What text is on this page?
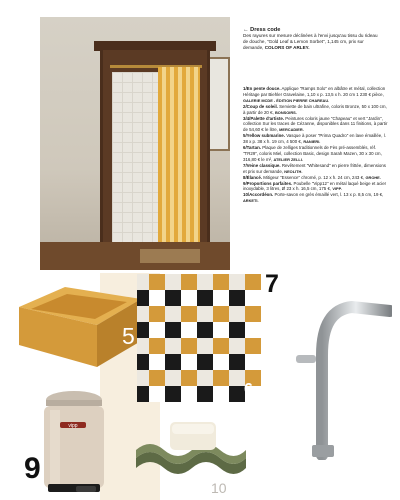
← Dress code
Des rayures sur mesure déclinées à l'envi jusqu'au tissu du rideau de douche, "Gold Leaf & Lemon Sorbet", 1,145 cm, prix sur demande, COLORS OF ARLEY.

1/En pente douce. Applique "Ramps Solo" en albâtre et métal, collection Héritage par Biehler Gravelaine, 1,10 x p. 13,5 x h. 20 cm 1 230 € pièce, GALERIE MCDE - ÉDITION PIERRE CHAREAU.

2/Coup de soleil. Serviette de bain ultrafine, coloris Bronze, 50 x 100 cm, à partir de 20 €, BONSOIRS.

3/4/Palette d'artiste. Peintures coloris jaune "Chapeau" et vert "Jardin", collection Sur les traces de Cézanne, disponibles dans 11 finitions, à partir de 54,60 € le litre, MERCADIER.

5/Yellow submarine. Vasque à poser "Prima Quadro" en lave émaillée, l. 38 x p. 38 x h. 19 cm, 4 500 €, RANIERI.

6/Tartan. Plaque de zelliges traditionnels de Fès pré-assemblés, réf. "TR29", coloris Miel, collection Basic, design Sarah Mazen, 30 x 30 cm, 316,80 € le m², ATELIER ZELLI.

7/Veine classique. Revêtement "Whitesand" en pierre frittée, dimensions et prix sur demande, NEOLITH.

8/Élancé. Mitigeur "Essence" chromé, p. 12 x h. 24 cm, 243 €, GROHE.

9/Proportions parfaites. Poubelle "Vipp12" en métal laqué beige et acier inoxydable, 3 litres, Ø 23 x h. 16,5 cm, 175 €, VIPP.

10/Accordéon. Porte-savon en grès émaillé vert, l. 13 x p. 8,5 cm, 19 €, ARKETI.

5
6
7
vipp
9
10
